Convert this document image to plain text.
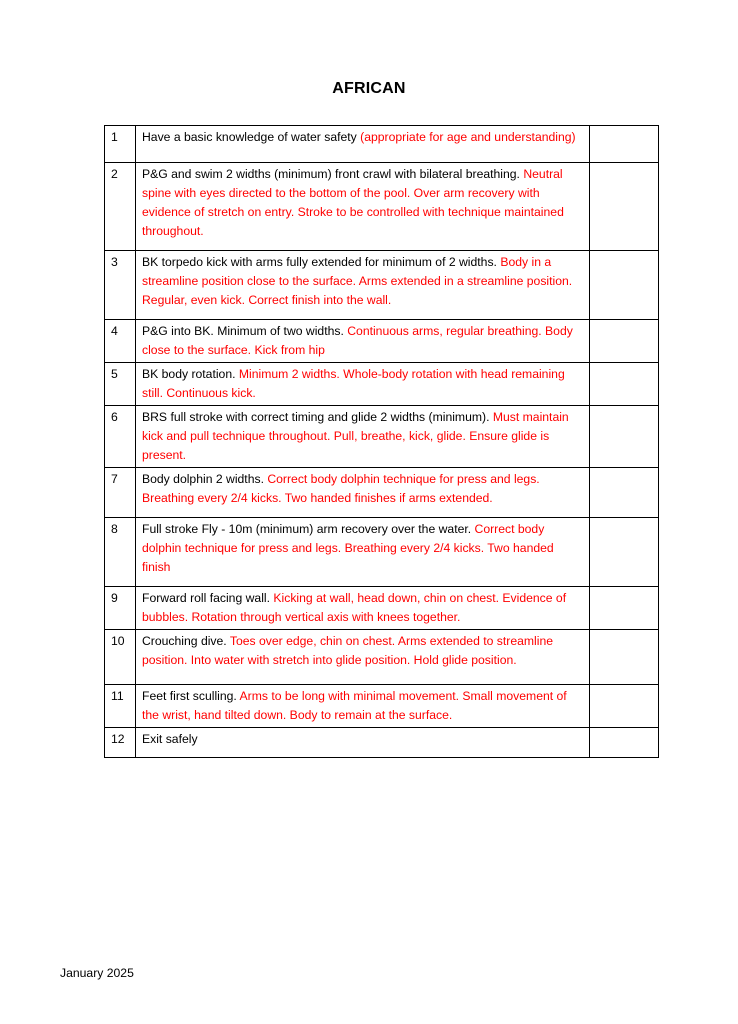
AFRICAN
1	Have a basic knowledge of water safety (appropriate for age and understanding)	
2	P&G and swim 2 widths (minimum) front crawl with bilateral breathing. Neutral spine with eyes directed to the bottom of the pool. Over arm recovery with evidence of stretch on entry. Stroke to be controlled with technique maintained throughout.	
3	BK torpedo kick with arms fully extended for minimum of 2 widths. Body in a streamline position close to the surface. Arms extended in a streamline position. Regular, even kick. Correct finish into the wall.	
4	P&G into BK. Minimum of two widths. Continuous arms, regular breathing. Body close to the surface. Kick from hip	
5	BK body rotation. Minimum 2 widths. Whole-body rotation with head remaining still. Continuous kick.	
6	BRS full stroke with correct timing and glide 2 widths (minimum). Must maintain kick and pull technique throughout. Pull, breathe, kick, glide. Ensure glide is present.	
7	Body dolphin 2 widths. Correct body dolphin technique for press and legs. Breathing every 2/4 kicks. Two handed finishes if arms extended.	
8	Full stroke Fly - 10m (minimum) arm recovery over the water. Correct body dolphin technique for press and legs. Breathing every 2/4 kicks. Two handed finish	
9	Forward roll facing wall. Kicking at wall, head down, chin on chest. Evidence of bubbles. Rotation through vertical axis with knees together.	
10	Crouching dive. Toes over edge, chin on chest. Arms extended to streamline position. Into water with stretch into glide position. Hold glide position.	
11	Feet first sculling. Arms to be long with minimal movement. Small movement of the wrist, hand tilted down. Body to remain at the surface.	
12	Exit safely	
January 2025
